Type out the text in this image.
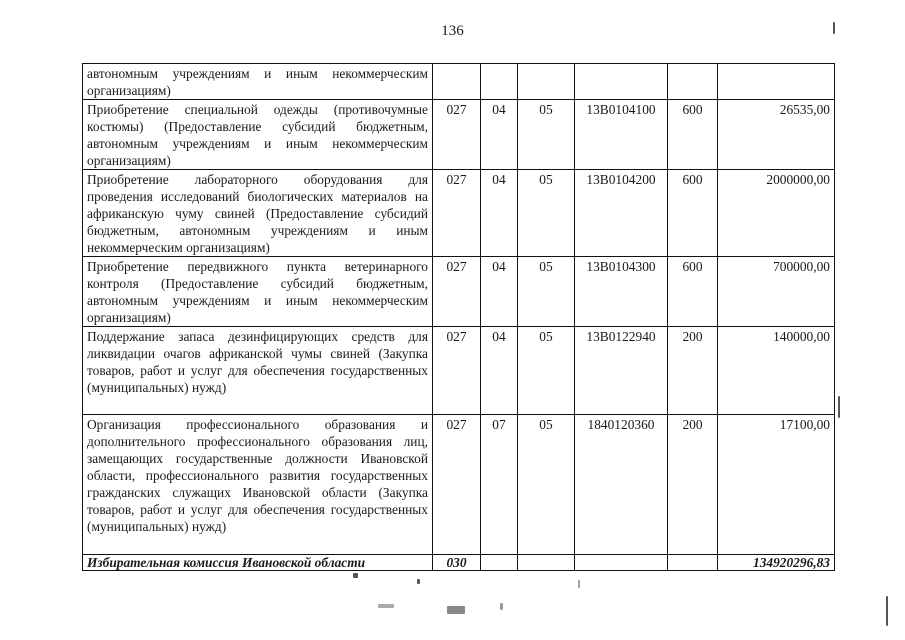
136
автономным учреждениям и иным некоммерческим организациям)						
Приобретение специальной одежды (противочумные костюмы) (Предоставление субсидий бюджетным, автономным учреждениям и иным некоммерческим организациям)	027	04	05	13В0104100	600	26535,00
Приобретение лабораторного оборудования для проведения исследований биологических материалов на африканскую чуму свиней (Предоставление субсидий бюджетным, автономным учреждениям и иным некоммерческим организациям)	027	04	05	13В0104200	600	2000000,00
Приобретение передвижного пункта ветеринарного контроля (Предоставление субсидий бюджетным, автономным учреждениям и иным некоммерческим организациям)	027	04	05	13В0104300	600	700000,00
Поддержание запаса дезинфицирующих средств для ликвидации очагов африканской чумы свиней (Закупка товаров, работ и услуг для обеспечения государственных (муниципальных) нужд)	027	04	05	13В0122940	200	140000,00
Организация профессионального образования и дополнительного профессионального образования лиц, замещающих государственные должности Ивановской области, профессионального развития государственных гражданских служащих Ивановской области (Закупка товаров, работ и услуг для обеспечения государственных (муниципальных) нужд)	027	07	05	1840120360	200	17100,00
Избирательная комиссия Ивановской области	030					134920296,83
